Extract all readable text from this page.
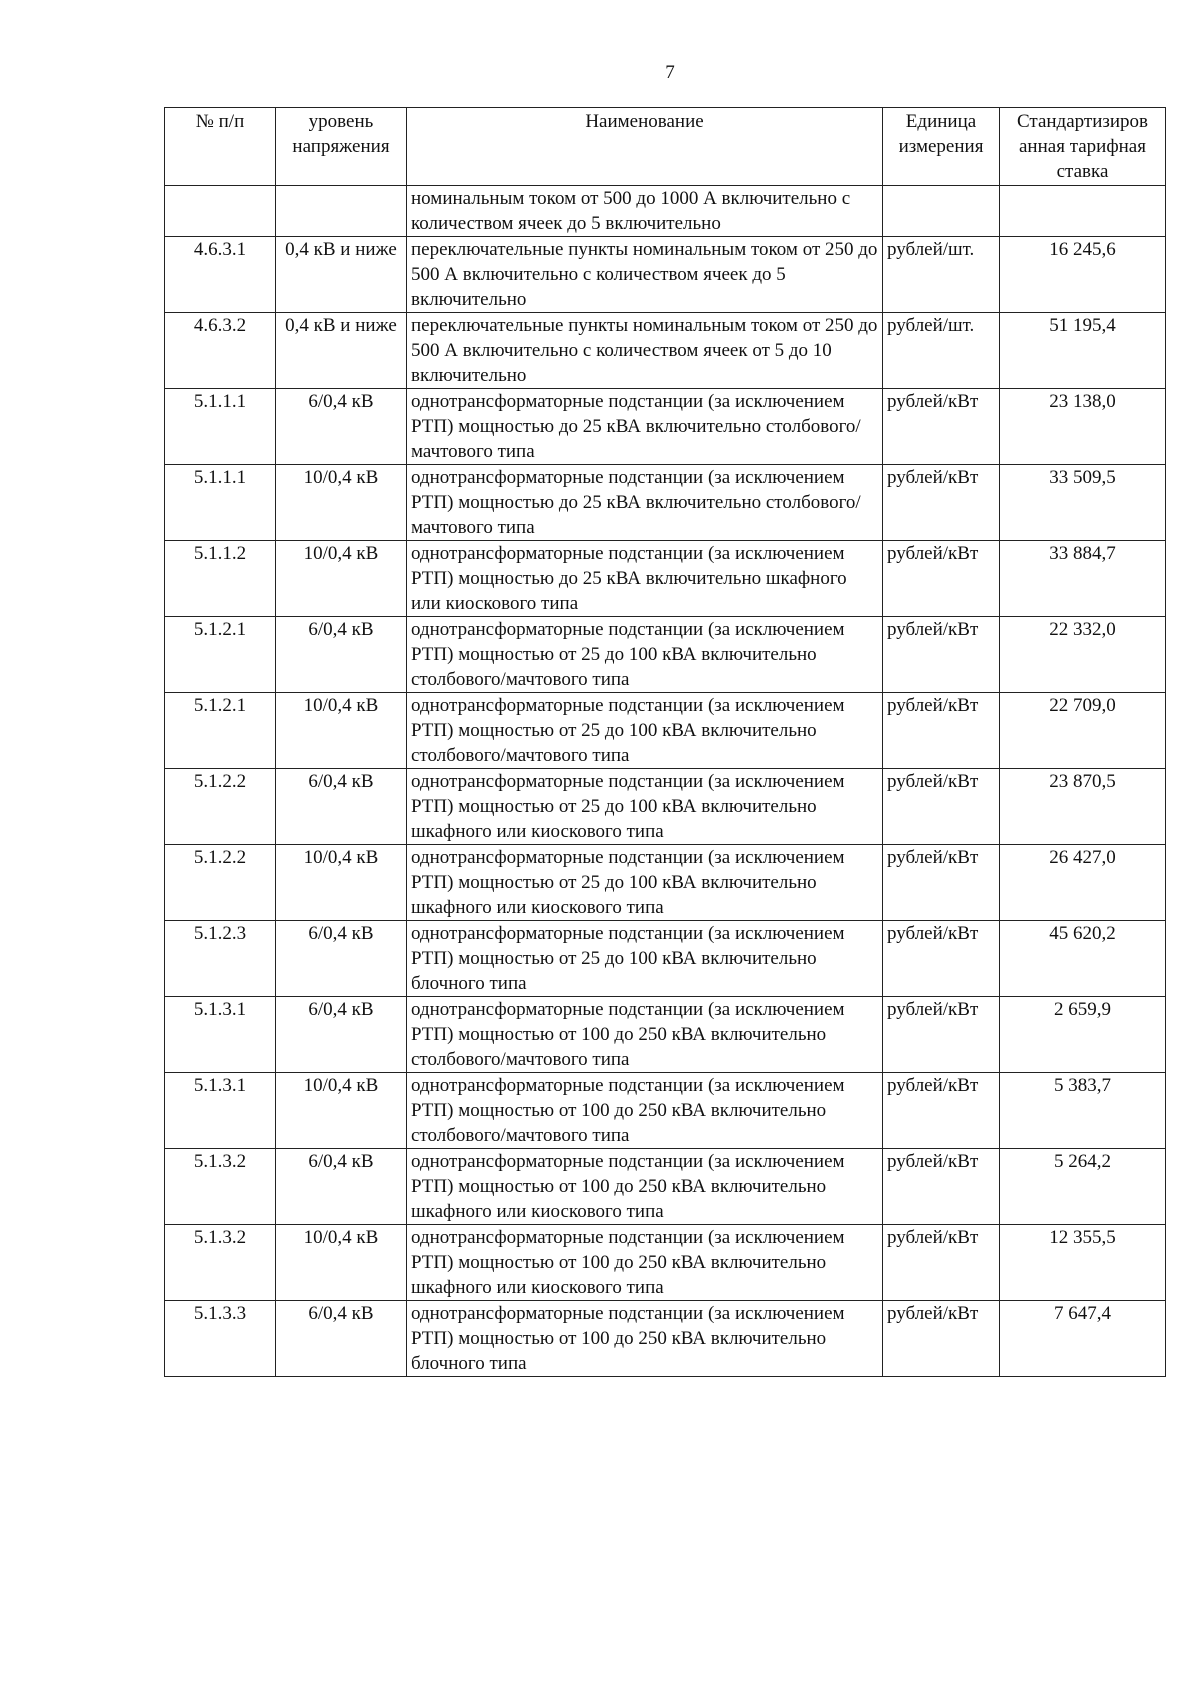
7
№ п/п	уровень напряжения	Наименование	Единица измерения	Стандартизиров анная тарифная ставка
		номинальным током от 500 до 1000 А включительно с количеством ячеек до 5 включительно		
4.6.3.1	0,4 кВ и ниже	переключательные пункты номинальным током от 250 до 500 А включительно с количеством ячеек до 5 включительно	рублей/шт.	16 245,6
4.6.3.2	0,4 кВ и ниже	переключательные пункты номинальным током от 250 до 500 А включительно с количеством ячеек от 5 до 10 включительно	рублей/шт.	51 195,4
5.1.1.1	6/0,4 кВ	однотрансформаторные подстанции (за исключением РТП) мощностью до 25 кВА включительно столбового/мачтового типа	рублей/кВт	23 138,0
5.1.1.1	10/0,4 кВ	однотрансформаторные подстанции (за исключением РТП) мощностью до 25 кВА включительно столбового/мачтового типа	рублей/кВт	33 509,5
5.1.1.2	10/0,4 кВ	однотрансформаторные подстанции (за исключением РТП) мощностью до 25 кВА включительно шкафного или киоскового типа	рублей/кВт	33 884,7
5.1.2.1	6/0,4 кВ	однотрансформаторные подстанции (за исключением РТП) мощностью от 25 до 100 кВА включительно столбового/мачтового типа	рублей/кВт	22 332,0
5.1.2.1	10/0,4 кВ	однотрансформаторные подстанции (за исключением РТП) мощностью от 25 до 100 кВА включительно столбового/мачтового типа	рублей/кВт	22 709,0
5.1.2.2	6/0,4 кВ	однотрансформаторные подстанции (за исключением РТП) мощностью от 25 до 100 кВА включительно шкафного или киоскового типа	рублей/кВт	23 870,5
5.1.2.2	10/0,4 кВ	однотрансформаторные подстанции (за исключением РТП) мощностью от 25 до 100 кВА включительно шкафного или киоскового типа	рублей/кВт	26 427,0
5.1.2.3	6/0,4 кВ	однотрансформаторные подстанции (за исключением РТП) мощностью от 25 до 100 кВА включительно блочного типа	рублей/кВт	45 620,2
5.1.3.1	6/0,4 кВ	однотрансформаторные подстанции (за исключением РТП) мощностью от 100 до 250 кВА включительно столбового/мачтового типа	рублей/кВт	2 659,9
5.1.3.1	10/0,4 кВ	однотрансформаторные подстанции (за исключением РТП) мощностью от 100 до 250 кВА включительно столбового/мачтового типа	рублей/кВт	5 383,7
5.1.3.2	6/0,4 кВ	однотрансформаторные подстанции (за исключением РТП) мощностью от 100 до 250 кВА включительно шкафного или киоскового типа	рублей/кВт	5 264,2
5.1.3.2	10/0,4 кВ	однотрансформаторные подстанции (за исключением РТП) мощностью от 100 до 250 кВА включительно шкафного или киоскового типа	рублей/кВт	12 355,5
5.1.3.3	6/0,4 кВ	однотрансформаторные подстанции (за исключением РТП) мощностью от 100 до 250 кВА включительно блочного типа	рублей/кВт	7 647,4
